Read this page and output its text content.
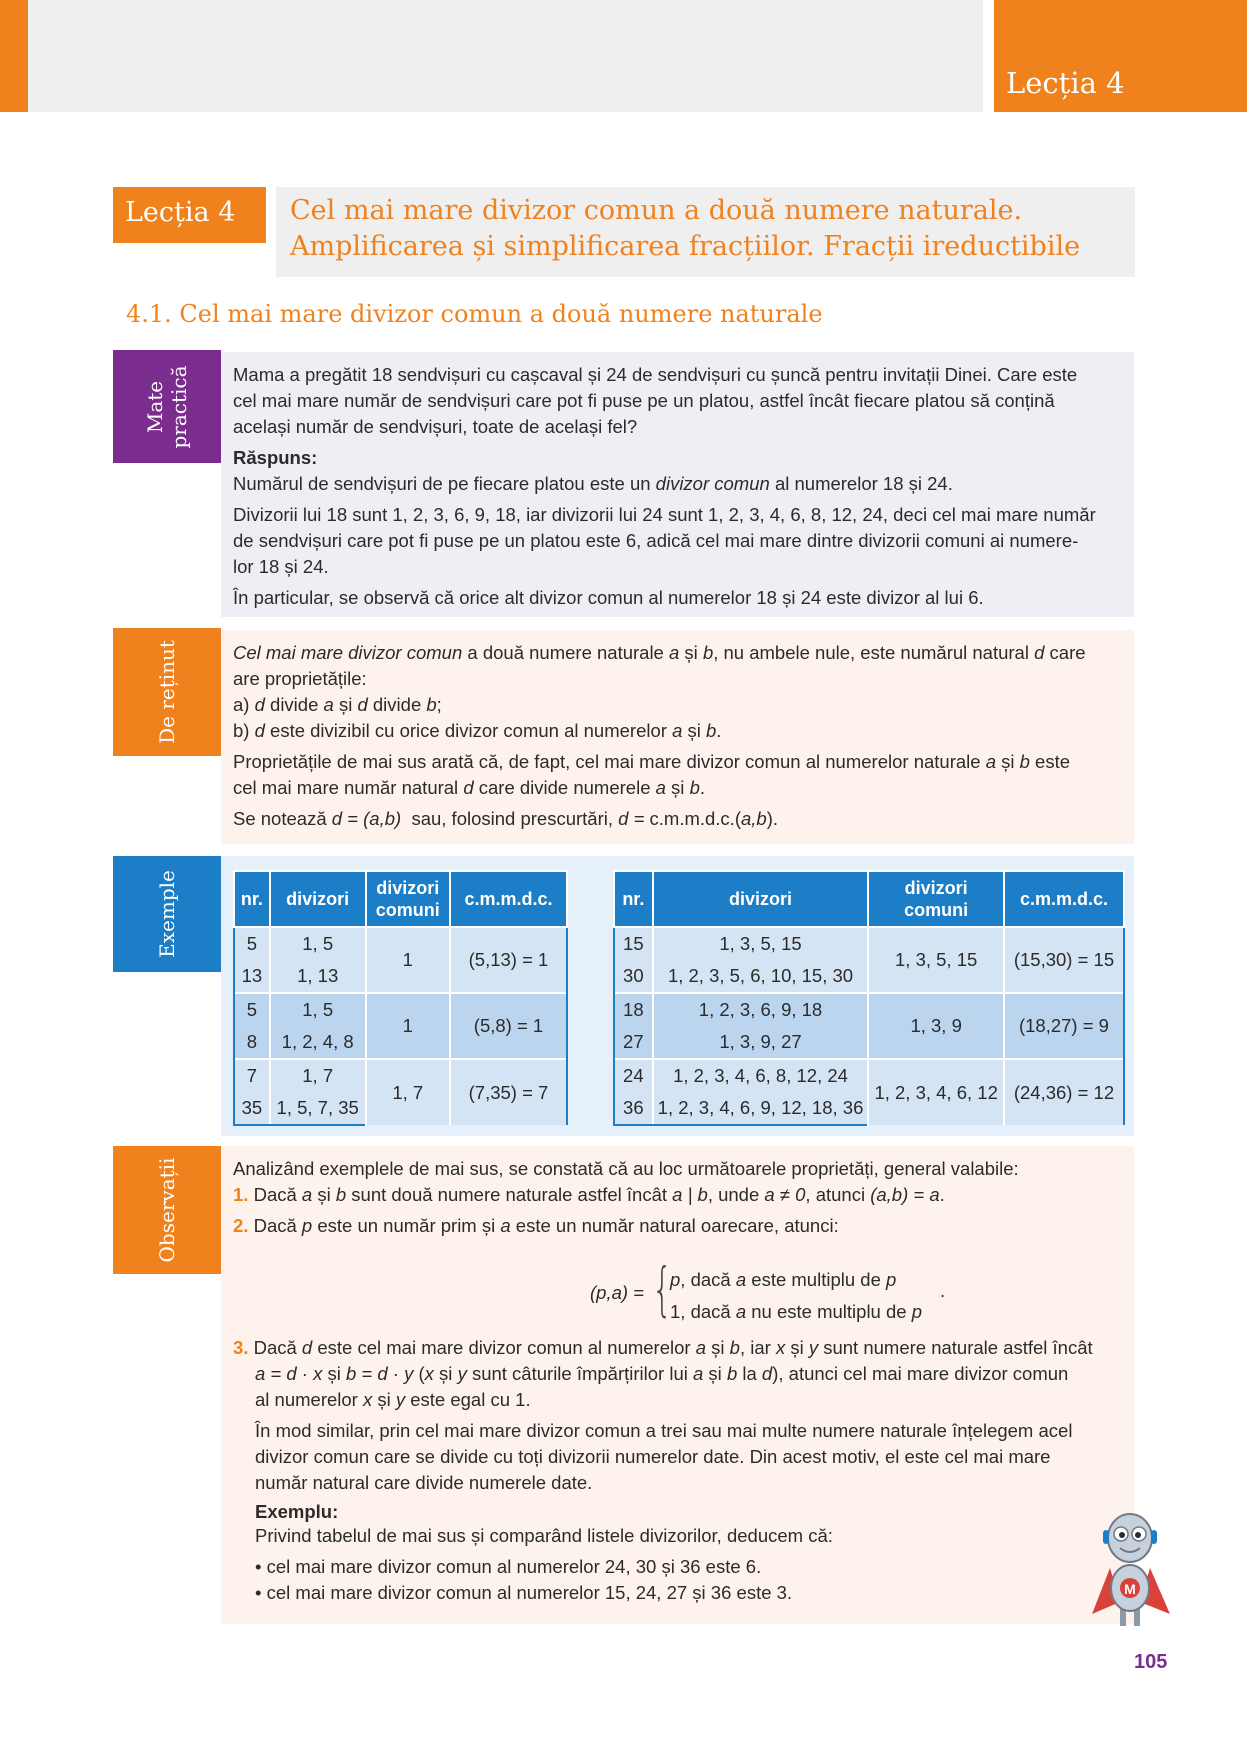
Lecția 4
Lecția 4	Cel mai mare divizor comun a două numere naturale.
Amplificarea și simplificarea fracțiilor. Fracții ireductibile
4.1. Cel mai mare divizor comun a două numere naturale
Mate practică Mama a pregătit 18 sendvișuri cu cașcaval și 24 de sendvișuri cu șuncă pentru invitații Dinei. Care este

cel mai mare număr de sendvișuri care pot fi puse pe un platou, astfel încât fiecare platou să conțină

același număr de sendvișuri, toate de același fel?

Răspuns:

Numărul de sendvișuri de pe fiecare platou este un divizor comun al numerelor 18 și 24.

Divizorii lui 18 sunt 1, 2, 3, 6, 9, 18, iar divizorii lui 24 sunt 1, 2, 3, 4, 6, 8, 12, 24, deci cel mai mare număr

de sendvișuri care pot fi puse pe un platou este 6, adică cel mai mare dintre divizorii comuni ai numere-

lor 18 și 24.

În particular, se observă că orice alt divizor comun al numerelor 18 și 24 este divizor al lui 6.

De reținut	Cel mai mare divizor comun a două numere naturale a și b, nu ambele nule, este numărul natural d care

are proprietățile:

a) d divide a și d divide b;

b) d este divizibil cu orice divizor comun al numerelor a și b.

Proprietățile de mai sus arată că, de fapt, cel mai mare divizor comun al numerelor naturale a și b este

cel mai mare număr natural d care divide numerele a și b.

Se notează d = (a,b) sau, folosind prescurtări, d = c.m.m.d.c.(a,b).

Exemple	nr.	divizori	divizori
comuni	c.m.m.d.c.
5	1, 5	1	(5,13) = 1
13	1, 13		
5	1, 5	1	(5,8) = 1
8	1, 2, 4, 8		
7	1, 7	1, 7	(7,35) = 7
35	1, 5, 7, 35		
nr.	divizori	divizori
comuni	c.m.m.d.c.
15	1, 3, 5, 15	1, 3, 5, 15	(15,30) = 15
30	1, 2, 3, 5, 6, 10, 15, 30		
18	1, 2, 3, 6, 9, 18	1, 3, 9	(18,27) = 9
27	1, 3, 9, 27		
24	1, 2, 3, 4, 6, 8, 12, 24	1, 2, 3, 4, 6, 12	(24,36) = 12
36	1, 2, 3, 4, 6, 9, 12, 18, 36		
Observații	Analizând exemplele de mai sus, se constată că au loc următoarele proprietăți, general valabile:

1. Dacă a și b sunt două numere naturale astfel încât a | b, unde a ≠ 0, atunci (a,b) = a.

2. Dacă p este un număr prim și a este un număr natural oarecare, atunci:

3. Dacă d este cel mai mare divizor comun al numerelor a și b, iar x și y sunt numere naturale astfel încât

a = d · x și b = d · y (x și y sunt câturile împărțirilor lui a și b la d), atunci cel mai mare divizor comun

al numerelor x și y este egal cu 1.

În mod similar, prin cel mai mare divizor comun a trei sau mai multe numere naturale înțelegem acel

divizor comun care se divide cu toți divizorii numerelor date. Din acest motiv, el este cel mai mare

număr natural care divide numerele date.

Exemplu:

Privind tabelul de mai sus și comparând listele divizorilor, deducem că:

• cel mai mare divizor comun al numerelor 24, 30 și 36 este 6.

• cel mai mare divizor comun al numerelor 15, 24, 27 și 36 este 3.

(p,a) = {
p, dacă a este multiplu de p
1, dacă a nu este multiplu de p
.
M
105
